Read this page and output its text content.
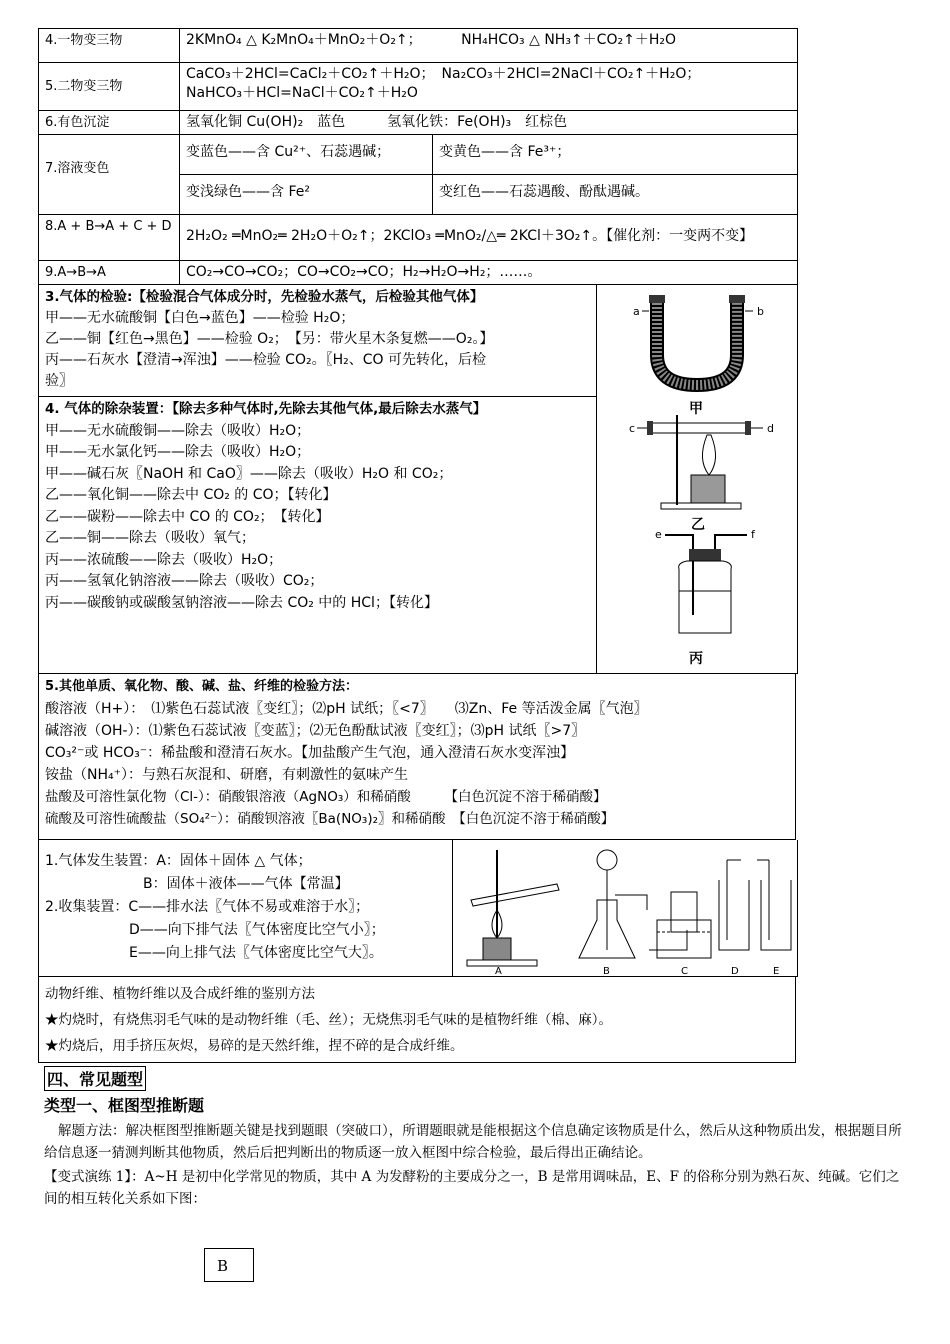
4.一物变三物	2KMnO₄ △ K₂MnO₄＋MnO₂＋O₂↑；　　　 NH₄HCO₃ △ NH₃↑＋CO₂↑＋H₂O	

5.二物变三物	CaCO₃＋2HCl=CaCl₂＋CO₂↑＋H₂O；　Na₂CO₃＋2HCl=2NaCl＋CO₂↑＋H₂O；
NaHCO₃＋HCl=NaCl＋CO₂↑＋H₂O	

6.有色沉淀	氢氧化铜 Cu(OH)₂　蓝色　　　氢氧化铁：Fe(OH)₃　红棕色	

7.溶液变色	变蓝色——含 Cu²⁺、石蕊遇碱；	变黄色——含 Fe³⁺；

	变浅绿色——含 Fe²	变红色——石蕊遇酸、酚酞遇碱。

8.A + B→A + C + D	2H₂O₂ ═MnO₂═ 2H₂O＋O₂↑；2KClO₃ ═MnO₂/△═ 2KCl＋3O₂↑。【催化剂：一变两不变】	

9.A→B→A	CO₂→CO→CO₂；CO→CO₂→CO；H₂→H₂O→H₂；……。	
3.气体的检验:【检验混合气体成分时，先检验水蒸气，后检验其他气体】
甲——无水硫酸铜【白色→蓝色】——检验 H₂O；
乙——铜【红色→黑色】——检验 O₂；　【另：带火星木条复燃——O₂。】
丙——石灰水【澄清→浑浊】——检验 CO₂。〖H₂、CO 可先转化，后检
验〗
4. 气体的除杂装置：【除去多种气体时,先除去其他气体,最后除去水蒸气】
甲——无水硫酸铜——除去（吸收）H₂O；
甲——无水氯化钙——除去（吸收）H₂O；
甲——碱石灰〖NaOH 和 CaO〗——除去（吸收）H₂O 和 CO₂；
乙——氧化铜——除去中 CO₂ 的 CO；【转化】
乙——碳粉——除去中 CO 的 CO₂；　【转化】
乙——铜——除去（吸收）氧气；
丙——浓硫酸——除去（吸收）H₂O；
丙——氢氧化钠溶液——除去（吸收）CO₂；
丙——碳酸钠或碳酸氢钠溶液——除去 CO₂ 中的 HCl；【转化】
a	b
甲
c	d
乙
e	f
丙
5.其他单质、氧化物、酸、碱、盐、纤维的检验方法：
酸溶液（H+）：　⑴紫色石蕊试液〖变红〗；⑵pH 试纸；〖<7〗　　⑶Zn、Fe 等活泼金属〖气泡〗
碱溶液（OH-）：⑴紫色石蕊试液〖变蓝〗；⑵无色酚酞试液〖变红〗；⑶pH 试纸〖>7〗
CO₃²⁻或 HCO₃⁻：稀盐酸和澄清石灰水。【加盐酸产生气泡，通入澄清石灰水变浑浊】
铵盐（NH₄⁺）：与熟石灰混和、研磨，有刺激性的氨味产生
盐酸及可溶性氯化物（Cl-）：硝酸银溶液（AgNO₃）和稀硝酸　　　【白色沉淀不溶于稀硝酸】
硫酸及可溶性硫酸盐（SO₄²⁻）：硝酸钡溶液〖Ba(NO₃)₂〗和稀硝酸　【白色沉淀不溶于稀硝酸】
1.气体发生装置：A：固体＋固体 △ 气体；
　　　　　　　B：固体＋液体——气体【常温】
2.收集装置：C——排水法〖气体不易或难溶于水〗；
　　　　　　D——向下排气法〖气体密度比空气小〗；
　　　　　　E——向上排气法〖气体密度比空气大〗。
A	B	C	D	E
动物纤维、植物纤维以及合成纤维的鉴别方法
★灼烧时，有烧焦羽毛气味的是动物纤维（毛、丝）；无烧焦羽毛气味的是植物纤维（棉、麻）。
★灼烧后，用手挤压灰烬，易碎的是天然纤维，捏不碎的是合成纤维。
四、常见题型
类型一、框图型推断题
解题方法：解决框图型推断题关键是找到题眼（突破口），所谓题眼就是能根据这个信息确定该物质是什么，然后从这种物质出发，根据题目所给信息逐一猜测判断其他物质，然后后把判断出的物质逐一放入框图中综合检验，最后得出正确结论。
【变式演练 1】：A~H 是初中化学常见的物质，其中 A 为发酵粉的主要成分之一，B 是常用调味品，E、F 的俗称分别为熟石灰、纯碱。它们之间的相互转化关系如下图：
B
